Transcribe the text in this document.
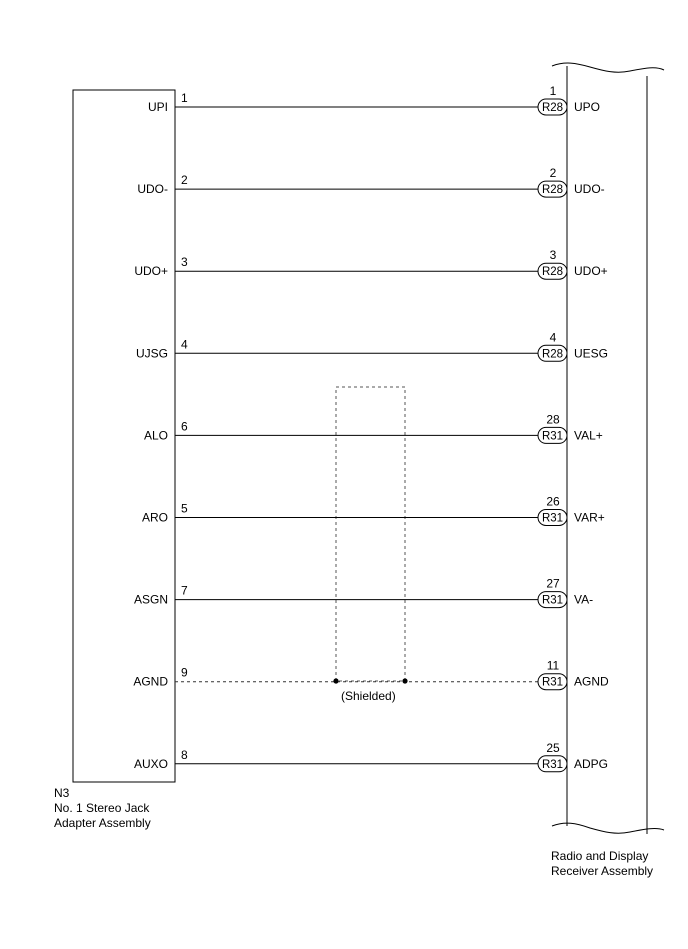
UPI
1
R28
1
UPO
UDO-
2
R28
2
UDO-
UDO+
3
R28
3
UDO+
UJSG
4
R28
4
UESG
ALO
6
R31
28
VAL+
ARO
5
R31
26
VAR+
ASGN
7
R31
27
VA-
AGND
9
R31
11
AGND
AUXO
8
R31
25
ADPG
(Shielded)
N3
No. 1 Stereo Jack
Adapter Assembly
Radio and Display
Receiver Assembly
